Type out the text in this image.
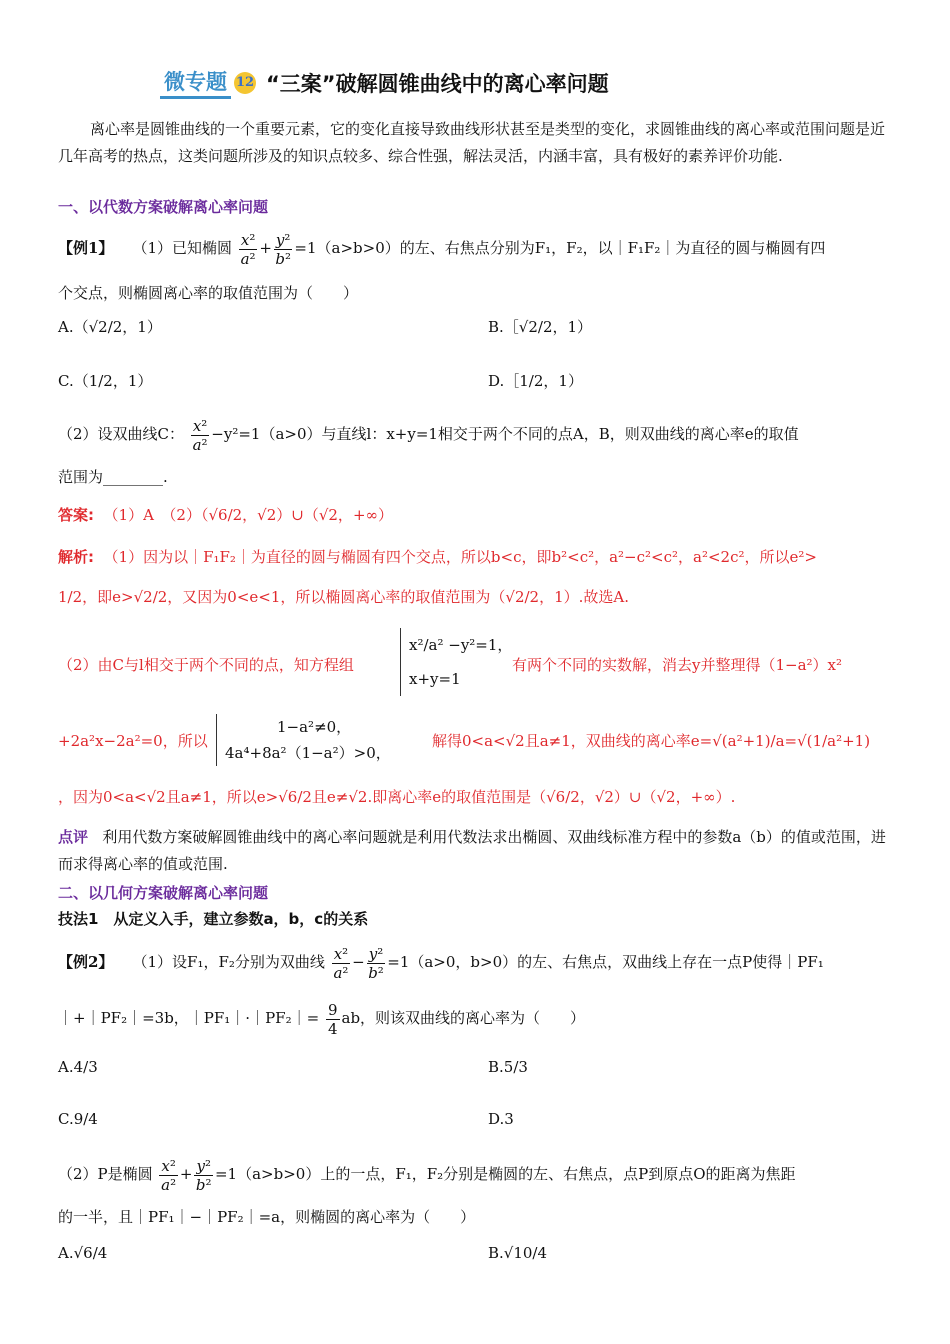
微专题 12 “三案”破解圆锥曲线中的离心率问题
离心率是圆锥曲线的一个重要元素，它的变化直接导致曲线形状甚至是类型的变化，求圆锥曲线的离心率或范围问题是近几年高考的热点，这类问题所涉及的知识点较多、综合性强，解法灵活，内涵丰富，具有极好的素养评价功能.
一、以代数方案破解离心率问题
【例1】 （1）已知椭圆 $\frac{\text{x²}}{\text{a²}} + \frac{\text{y²}}{\text{b²}} =1(a>b>0)$的左、右焦点分别为F₁，F₂，以｜F₁F₂｜为直径的圆与椭圆有四
个交点，则椭圆离心率的取值范围为（　　）
A.（√2/2，1）	B.［√2/2，1）
C.（1/2，1）	D.［1/2，1）
（2）设双曲线C： $\frac{\text{x²}}{\text{a²}} -y^2=1(a>0)$与直线l：x+y=1相交于两个不同的点A，B，则双曲线的离心率e的取值
范围为________.
答案: （1）A　（2）（√6/2，√2）∪（√2，+∞）
解析: （1）因为以｜F₁F₂｜为直径的圆与椭圆有四个交点，所以b<c，即b²<c²，a²−c²<c²，a²<2c²，所以e²>
1/2，即e>√2/2，又因为0<e<1，所以椭圆离心率的取值范围为（√2/2，1）.故选A.
（2）由C与l相交于两个不同的点，知方程组
x²/a² −y²=1，
x+y=1
有两个不同的实数解，消去y并整理得（1−a²）x²
+2a²x−2a²=0，所以
1−a²≠0，
4a⁴+8a²（1−a²）>0，
解得0<a<√2且a≠1，双曲线的离心率e=√(a²+1)/a=√(1/a²+1)
，因为0<a<√2且a≠1，所以e>√6/2且e≠√2.即离心率e的取值范围是（√6/2，√2）∪（√2，+∞）.
点评 利用代数方案破解圆锥曲线中的离心率问题就是利用代数法求出椭圆、双曲线标准方程中的参数a（b）的值或范围，进而求得离心率的值或范围.
二、以几何方案破解离心率问题
技法1　从定义入手，建立参数a，b，c的关系
【例2】 （1）设F₁，F₂分别为双曲线 $\frac{\text{x²}}{\text{a²}} - \frac{\text{y²}}{\text{b²}} =1(a>0$，b>0）的左、右焦点，双曲线上存在一点P使得｜PF₁
｜+｜PF₂｜=3b，｜PF₁｜·｜PF₂｜= $\frac{9}{4}$ ab，则该双曲线的离心率为（　　）
A.4/3	B.5/3
C.9/4	D.3
（2）P是椭圆 $\frac{\text{x²}}{\text{a²}} + \frac{\text{y²}}{\text{b²}} =1(a>b>0)$上的一点，F₁，F₂分别是椭圆的左、右焦点，点P到原点O的距离为焦距
的一半，且｜PF₁｜−｜PF₂｜=a，则椭圆的离心率为（　　）
A.√6/4	B.√10/4
